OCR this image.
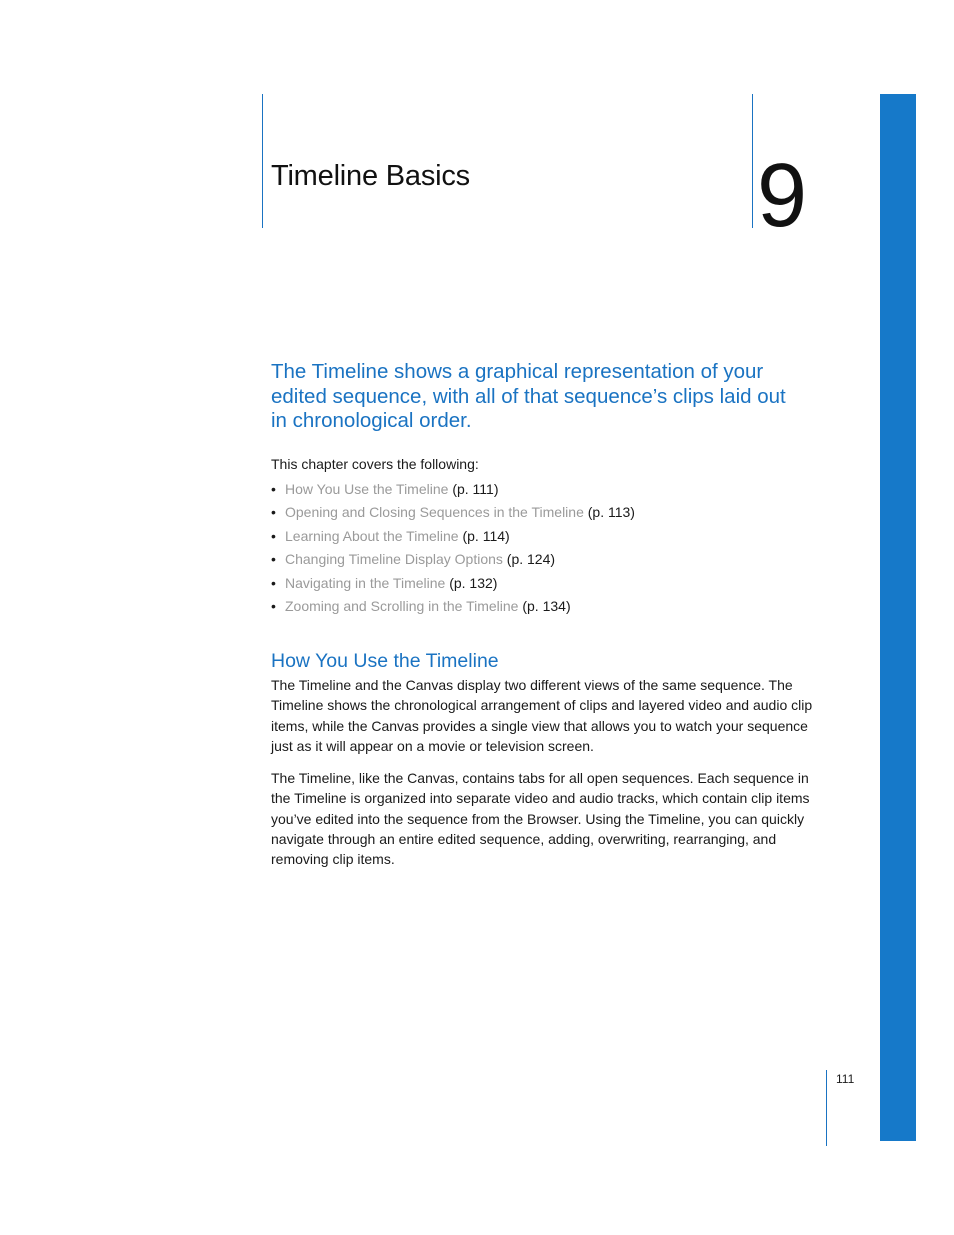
Timeline Basics	9

The Timeline shows a graphical representation of your edited sequence, with all of that sequence’s clips laid out in chronological order.

This chapter covers the following:

• How You Use the Timeline (p. 111)
• Opening and Closing Sequences in the Timeline (p. 113)
• Learning About the Timeline (p. 114)
• Changing Timeline Display Options (p. 124)
• Navigating in the Timeline (p. 132)
• Zooming and Scrolling in the Timeline (p. 134)
How You Use the Timeline

The Timeline and the Canvas display two different views of the same sequence. The Timeline shows the chronological arrangement of clips and layered video and audio clip items, while the Canvas provides a single view that allows you to watch your sequence just as it will appear on a movie or television screen.

The Timeline, like the Canvas, contains tabs for all open sequences. Each sequence in the Timeline is organized into separate video and audio tracks, which contain clip items you’ve edited into the sequence from the Browser. Using the Timeline, you can quickly navigate through an entire edited sequence, adding, overwriting, rearranging, and removing clip items.

111
